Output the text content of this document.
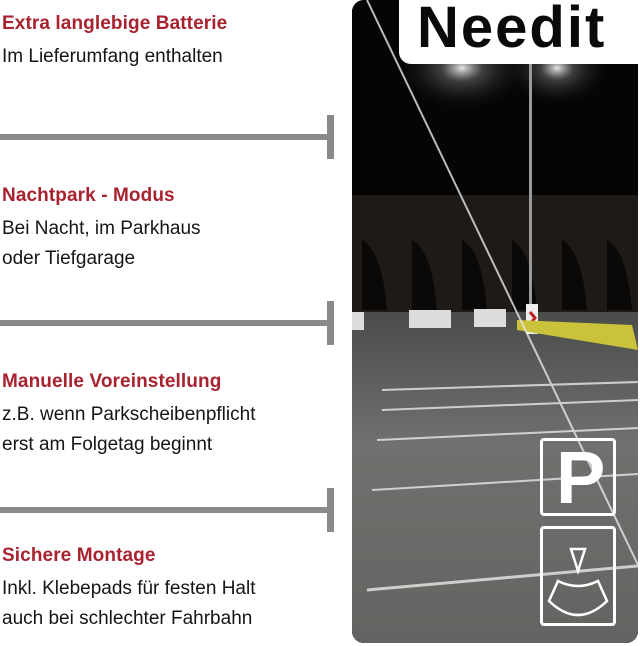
Extra langlebige Batterie

Im Lieferumfang enthalten

Nachtpark - Modus

Bei Nacht, im Parkhaus
oder Tiefgarage

Manuelle Voreinstellung

z.B. wenn Parkscheibenpflicht
erst am Folgetag beginnt

Sichere Montage

Inkl. Klebepads für festen Halt
auch bei schlechter Fahrbahn

P
Needit
